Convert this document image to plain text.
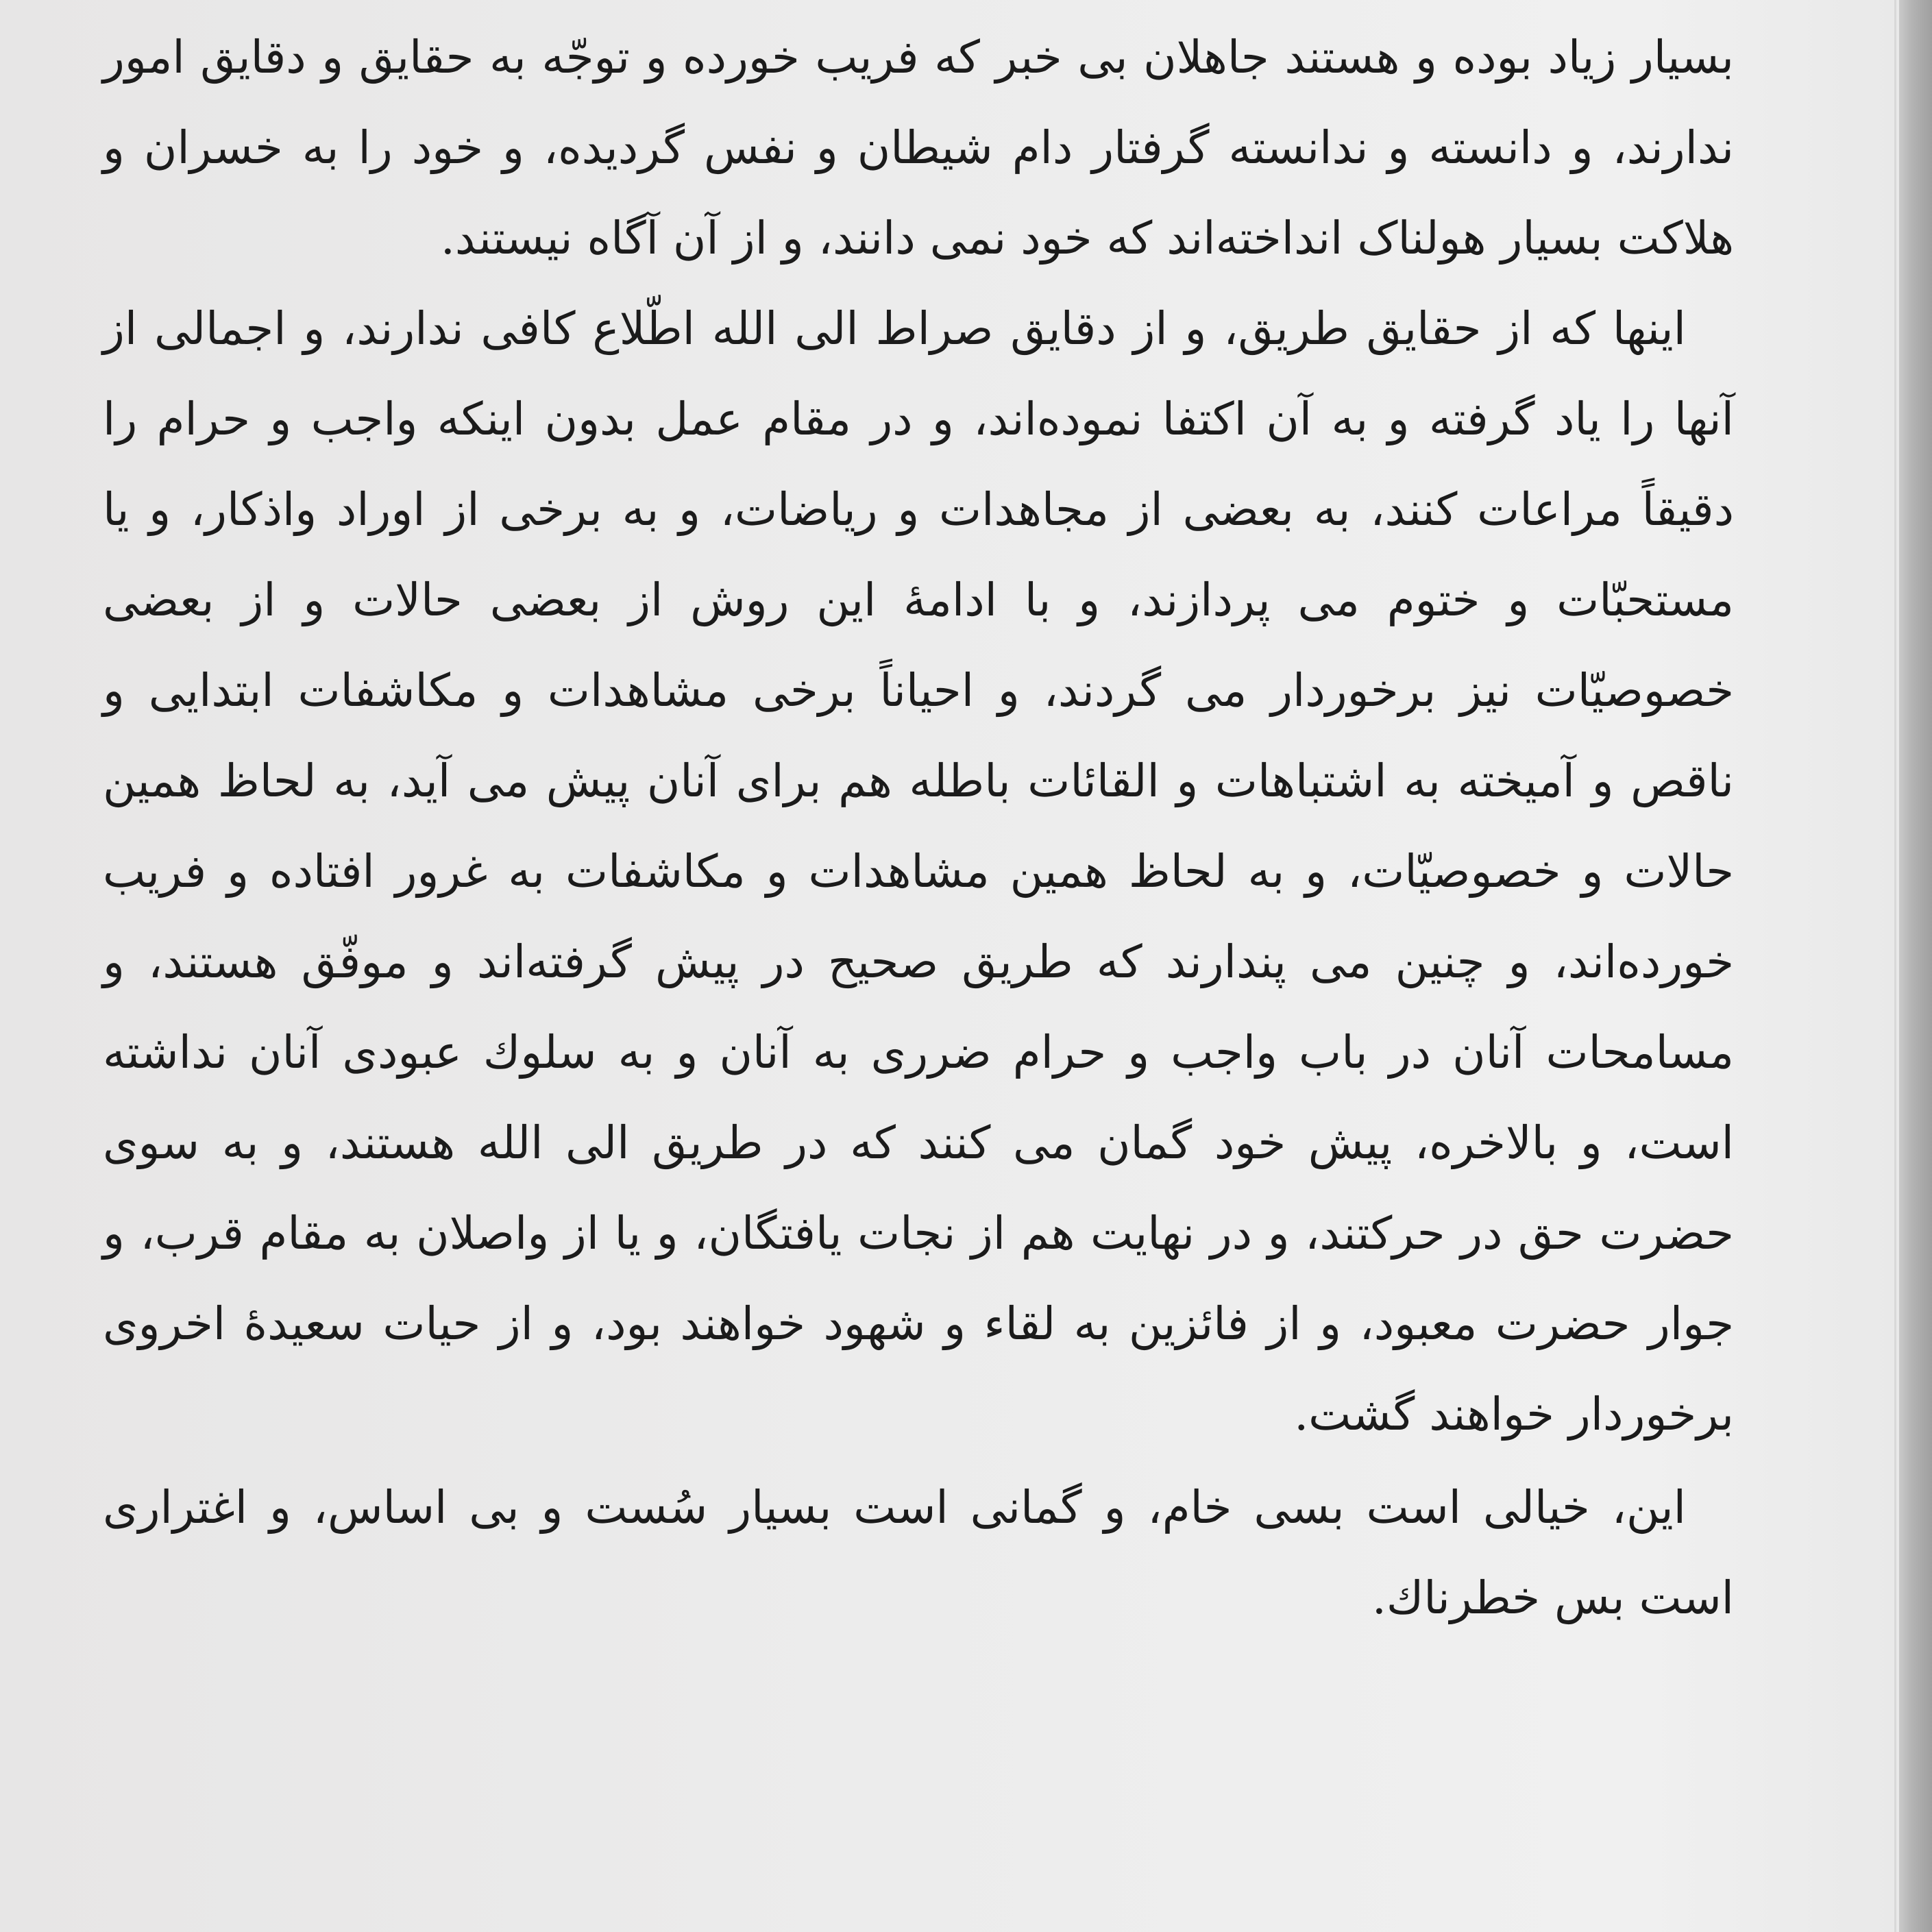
بسیار زیاد بوده و هستند جاهلان بی خبر که فریب خورده و توجّه به حقایق و دقایق امور ندارند، و دانسته و ندانسته گرفتار دام شیطان و نفس گردیده، و خود را به خسران و هلاکت بسیار هولناک انداخته‌اند که خود نمی دانند، و از آن آگاه نیستند.

اینها که از حقایق طریق، و از دقایق صراط الی الله اطّلاع کافی ندارند، و اجمالی از آنها را یاد گرفته و به آن اکتفا نموده‌اند، و در مقام عمل بدون اینکه واجب و حرام را دقیقاً مراعات کنند، به بعضی از مجاهدات و ریاضات، و به برخی از اوراد واذکار، و یا مستحبّات و ختوم می پردازند، و با ادامهٔ این روش از بعضی حالات و از بعضی خصوصیّات نیز برخوردار می گردند، و احیاناً برخی مشاهدات و مکاشفات ابتدایی و ناقص و آمیخته به اشتباهات و القائات باطله هم برای آنان پیش می آید، به لحاظ همین حالات و خصوصیّات، و به لحاظ همین مشاهدات و مکاشفات به غرور افتاده و فریب خورده‌اند، و چنین می پندارند که طریق صحیح در پیش گرفته‌اند و موفّق هستند، و مسامحات آنان در باب واجب و حرام ضرری به آنان و به سلوك عبودی آنان نداشته است، و بالاخره، پیش خود گمان می کنند که در طریق الی الله هستند، و به سوی حضرت حق در حرکتند، و در نهایت هم از نجات یافتگان، و یا از واصلان به مقام قرب، و جوار حضرت معبود، و از فائزین به لقاء و شهود خواهند بود، و از حیات سعیدهٔ اخروی برخوردار خواهند گشت.

این، خیالی است بسی خام، و گمانی است بسیار سُست و بی اساس، و اغتراری است بس خطرناك.
